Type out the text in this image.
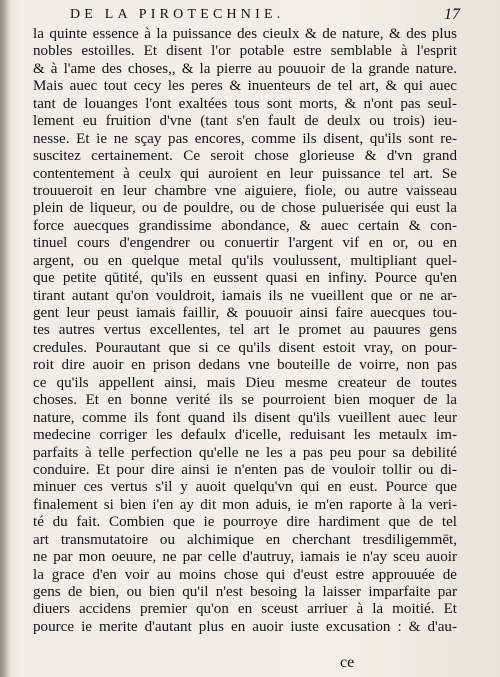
DE LA PIROTECHNIE.	17
la quinte essence à la puissance des cieulx & de nature, & des plus
nobles estoilles. Et disent l'or potable estre semblable à l'esprit
& à l'ame des choses,, & la pierre au pouuoir de la grande nature.
Mais auec tout cecy les peres & inuenteurs de tel art, & qui auec
tant de louanges l'ont exaltées tous sont morts, & n'ont pas seul-
lement eu fruition d'vne (tant s'en fault de deulx ou trois) ieu-
nesse. Et ie ne sçay pas encores, comme ils disent, qu'ils sont re-
suscitez certainement. Ce seroit chose glorieuse & d'vn grand
contentement à ceulx qui auroient en leur puissance tel art. Se
trouueroit en leur chambre vne aiguiere, fiole, ou autre vaisseau
plein de liqueur, ou de pouldre, ou de chose puluerisée qui eust la
force auecques grandissime abondance, & auec certain & con-
tinuel cours d'engendrer ou conuertir l'argent vif en or, ou en
argent, ou en quelque metal qu'ils voulussent, multipliant quel-
que petite qūtité, qu'ils en eussent quasi en infiny. Pource qu'en
tirant autant qu'on vouldroit, iamais ils ne vueillent que or ne ar-
gent leur peust iamais faillir, & pouuoir ainsi faire auecques tou-
tes autres vertus excellentes, tel art le promet au pauures gens
credules. Pourautant que si ce qu'ils disent estoit vray, on pour-
roit dire auoir en prison dedans vne bouteille de voirre, non pas
ce qu'ils appellent ainsi, mais Dieu mesme createur de toutes
choses. Et en bonne verité ils se pourroient bien moquer de la
nature, comme ils font quand ils disent qu'ils vueillent auec leur
medecine corriger les defaulx d'icelle, reduisant les metaulx im-
parfaits à telle perfection qu'elle ne les a pas peu pour sa debilité
conduire. Et pour dire ainsi ie n'enten pas de vouloir tollir ou di-
minuer ces vertus s'il y auoit quelqu'vn qui en eust. Pource que
finalement si bien i'en ay dit mon aduis, ie m'en raporte à la veri-
té du fait. Combien que ie pourroye dire hardiment que de tel
art transmutatoire ou alchimique en cherchant tresdiligemmēt,
ne par mon oeuure, ne par celle d'autruy, iamais ie n'ay sceu auoir
la grace d'en voir au moins chose qui d'eust estre approuuée de
gens de bien, ou bien qu'il n'est besoing la laisser imparfaite par
diuers accidens premier qu'on en sceust arriuer à la moitié. Et
pource ie merite d'autant plus en auoir iuste excusation : & d'au-
ce
